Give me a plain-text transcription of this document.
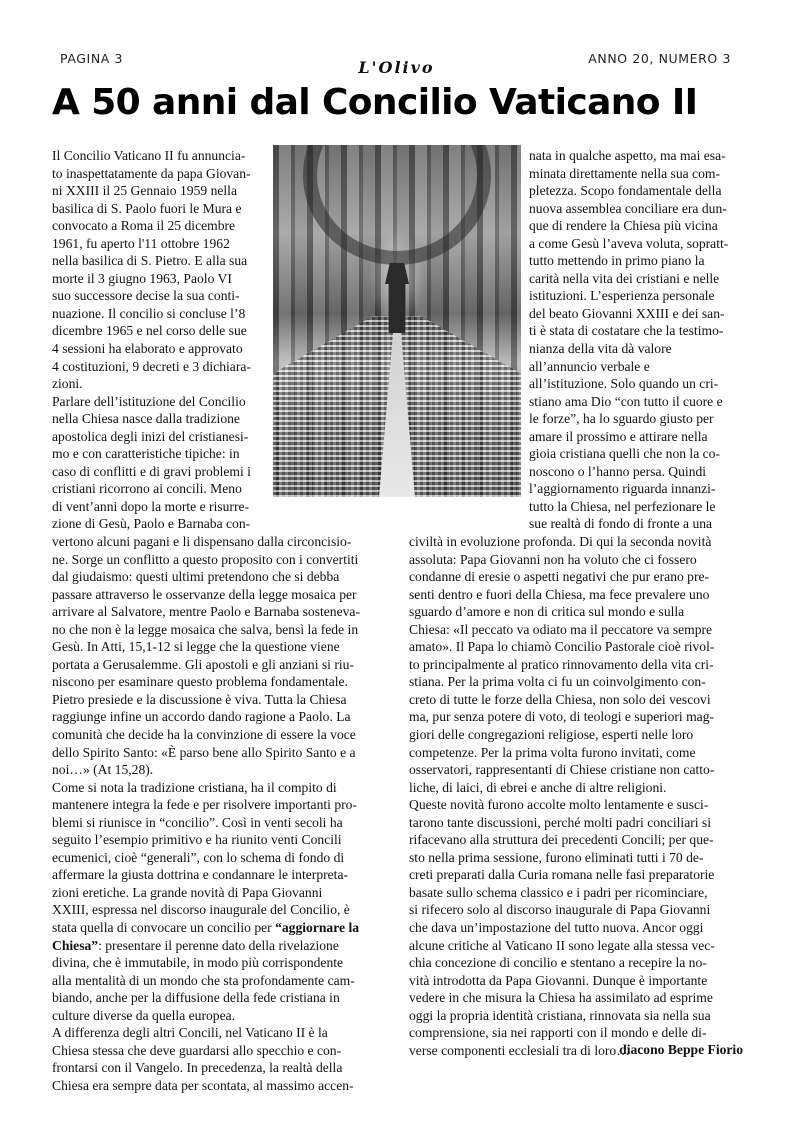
PAGINA 3	ANNO 20, NUMERO 3
L'Olivo
A 50 anni dal Concilio Vaticano II
Il Concilio Vaticano II fu annuncia-
to inaspettatamente da papa Giovan-
ni XXIII il 25 Gennaio 1959 nella
basilica di S. Paolo fuori le Mura e
convocato a Roma il 25 dicembre
1961, fu aperto l'11 ottobre 1962
nella basilica di S. Pietro. E alla sua
morte il 3 giugno 1963, Paolo VI
suo successore decise la sua conti-
nuazione. Il concilio si concluse l’8
dicembre 1965 e nel corso delle sue
4 sessioni ha elaborato e approvato
4 costituzioni, 9 decreti e 3 dichiara-
zioni.
Parlare dell’istituzione del Concilio
nella Chiesa nasce dalla tradizione
apostolica degli inizi del cristianesi-
mo e con caratteristiche tipiche: in
caso di conflitti e di gravi problemi i
cristiani ricorrono ai concili. Meno
di vent’anni dopo la morte e risurre-
zione di Gesù, Paolo e Barnaba con-
vertono alcuni pagani e li dispensano dalla circoncisio-
ne. Sorge un conflitto a questo proposito con i convertiti
dal giudaismo: questi ultimi pretendono che si debba
passare attraverso le osservanze della legge mosaica per
arrivare al Salvatore, mentre Paolo e Barnaba sosteneva-
no che non è la legge mosaica che salva, bensì la fede in
Gesù. In Atti, 15,1-12 si legge che la questione viene
portata a Gerusalemme. Gli apostoli e gli anziani si riu-
niscono per esaminare questo problema fondamentale.
Pietro presiede e la discussione è viva. Tutta la Chiesa
raggiunge infine un accordo dando ragione a Paolo. La
comunità che decide ha la convinzione di essere la voce
dello Spirito Santo: «È parso bene allo Spirito Santo e a
noi…» (At 15,28).
Come si nota la tradizione cristiana, ha il compito di
mantenere integra la fede e per risolvere importanti pro-
blemi si riunisce in “concilio”. Così in venti secoli ha
seguito l’esempio primitivo e ha riunito venti Concili
ecumenici, cioè “generali”, con lo schema di fondo di
affermare la giusta dottrina e condannare le interpreta-
zioni eretiche. La grande novità di Papa Giovanni
XXIII, espressa nel discorso inaugurale del Concilio, è
stata quella di convocare un concilio per “aggiornare la
Chiesa”: presentare il perenne dato della rivelazione
divina, che è immutabile, in modo più corrispondente
alla mentalità di un mondo che sta profondamente cam-
biando, anche per la diffusione della fede cristiana in
culture diverse da quella europea.
A differenza degli altri Concili, nel Vaticano II è la
Chiesa stessa che deve guardarsi allo specchio e con-
frontarsi con il Vangelo. In precedenza, la realtà della
Chiesa era sempre data per scontata, al massimo accen-
nata in qualche aspetto, ma mai esa-
minata direttamente nella sua com-
pletezza. Scopo fondamentale della
nuova assemblea conciliare era dun-
que di rendere la Chiesa più vicina
a come Gesù l’aveva voluta, sopratt-
tutto mettendo in primo piano la
carità nella vita dei cristiani e nelle
istituzioni. L’esperienza personale
del beato Giovanni XXIII e dei san-
ti è stata di costatare che la testimo-
nianza della vita dà valore
all’annuncio verbale e
all’istituzione. Solo quando un cri-
stiano ama Dio “con tutto il cuore e
le forze”, ha lo sguardo giusto per
amare il prossimo e attirare nella
gioia cristiana quelli che non la co-
noscono o l’hanno persa. Quindi
l’aggiornamento riguarda innanzi-
tutto la Chiesa, nel perfezionare le
sue realtà di fondo di fronte a una
civiltà in evoluzione profonda. Di qui la seconda novità
assoluta: Papa Giovanni non ha voluto che ci fossero
condanne di eresie o aspetti negativi che pur erano pre-
senti dentro e fuori della Chiesa, ma fece prevalere uno
sguardo d’amore e non di critica sul mondo e sulla
Chiesa: «Il peccato va odiato ma il peccatore va sempre
amato». Il Papa lo chiamò Concilio Pastorale cioè rivol-
to principalmente al pratico rinnovamento della vita cri-
stiana. Per la prima volta ci fu un coinvolgimento con-
creto di tutte le forze della Chiesa, non solo dei vescovi
ma, pur senza potere di voto, di teologi e superiori mag-
giori delle congregazioni religiose, esperti nelle loro
competenze. Per la prima volta furono invitati, come
osservatori, rappresentanti di Chiese cristiane non catto-
liche, di laici, di ebrei e anche di altre religioni.
Queste novità furono accolte molto lentamente e susci-
tarono tante discussioni, perché molti padri conciliari si
rifacevano alla struttura dei precedenti Concili; per que-
sto nella prima sessione, furono eliminati tutti i 70 de-
creti preparati dalla Curia romana nelle fasi preparatorie
basate sullo schema classico e i padri per ricominciare,
si rifecero solo al discorso inaugurale di Papa Giovanni
che dava un’impostazione del tutto nuova. Ancor oggi
alcune critiche al Vaticano II sono legate alla stessa vec-
chia concezione di concilio e stentano a recepire la no-
vità introdotta da Papa Giovanni. Dunque è importante
vedere in che misura la Chiesa ha assimilato ad esprime
oggi la propria identità cristiana, rinnovata sia nella sua
comprensione, sia nei rapporti con il mondo e delle di-
verse componenti ecclesiali tra di loro…
diacono Beppe Fiorio
